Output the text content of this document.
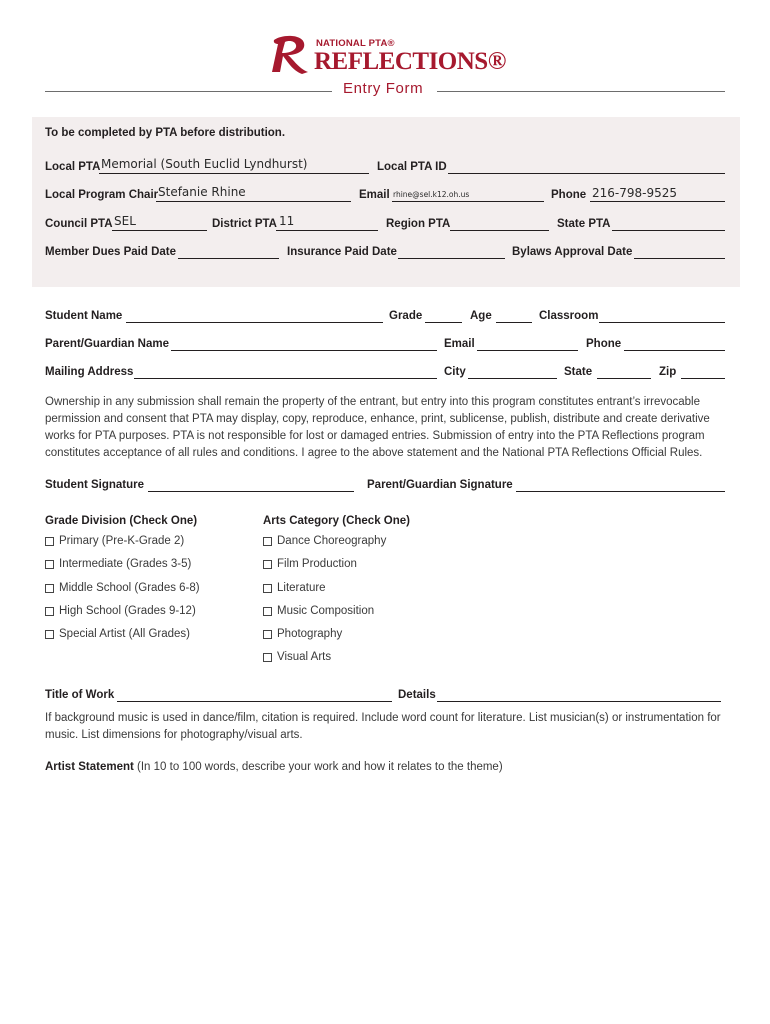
NATIONAL PTA®
REFLECTIONS®
Entry Form
To be completed by PTA before distribution.
Local PTA Memorial (South Euclid Lyndhurst)	Local PTA ID
Local Program Chair Stefanie Rhine	Email rhine@sel.k12.oh.us	Phone 216-798-9525
Council PTA SEL	District PTA 11	Region PTA	State PTA
Member Dues Paid Date	Insurance Paid Date	Bylaws Approval Date
Student Name	Grade	Age	Classroom
Parent/Guardian Name	Email	Phone
Mailing Address	City	State	Zip
Ownership in any submission shall remain the property of the entrant, but entry into this program constitutes entrant’s irrevocable permission and consent that PTA may display, copy, reproduce, enhance, print, sublicense, publish, distribute and create derivative works for PTA purposes. PTA is not responsible for lost or damaged entries. Submission of entry into the PTA Reflections program constitutes acceptance of all rules and conditions. I agree to the above statement and the National PTA Reflections Official Rules.
Student Signature	Parent/Guardian Signature
Grade Division (Check One)	Arts Category (Check One)
Primary (Pre-K-Grade 2)
Intermediate (Grades 3-5)
Middle School (Grades 6-8)
High School (Grades 9-12)
Special Artist (All Grades)
Dance Choreography
Film Production
Literature
Music Composition
Photography
Visual Arts
Title of Work	Details
If background music is used in dance/film, citation is required. Include word count for literature. List musician(s) or instrumentation for music. List dimensions for photography/visual arts.
Artist Statement (In 10 to 100 words, describe your work and how it relates to the theme)
